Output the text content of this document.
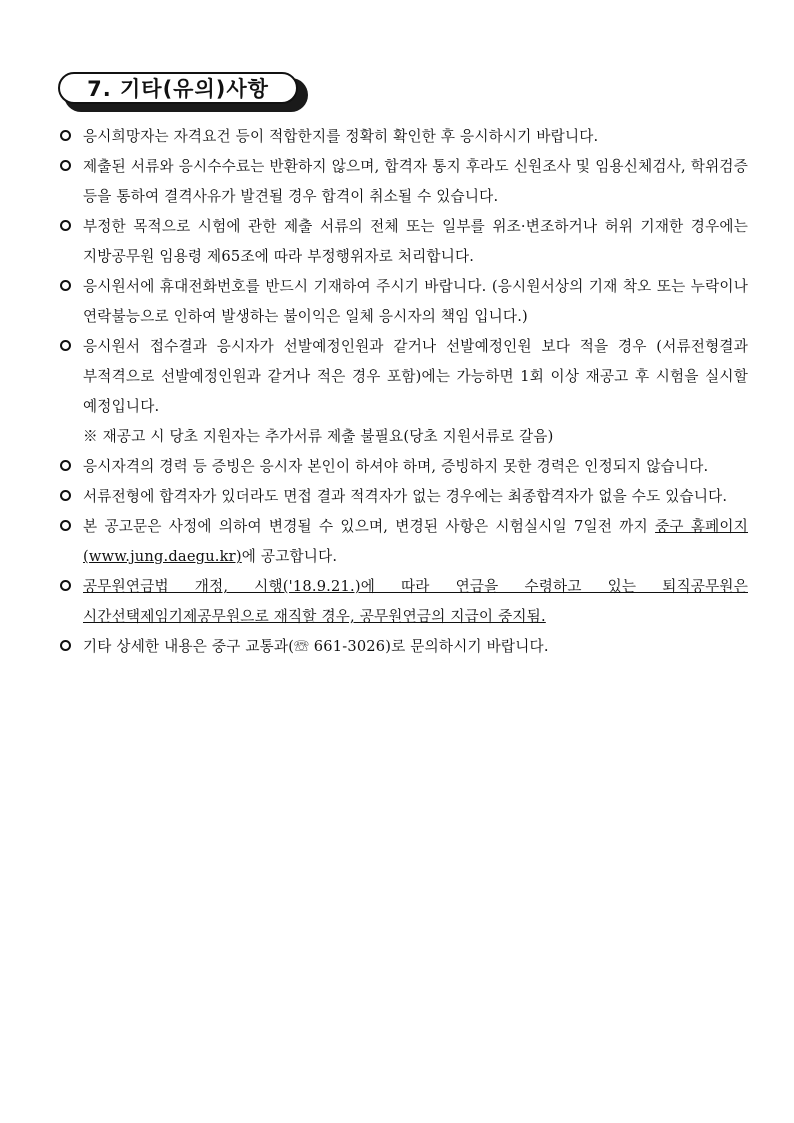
7. 기타(유의)사항
응시희망자는 자격요건 등이 적합한지를 정확히 확인한 후 응시하시기 바랍니다.
제출된 서류와 응시수수료는 반환하지 않으며, 합격자 통지 후라도 신원조사 및 임용신체검사, 학위검증 등을 통하여 결격사유가 발견될 경우 합격이 취소될 수 있습니다.
부정한 목적으로 시험에 관한 제출 서류의 전체 또는 일부를 위조·변조하거나 허위 기재한 경우에는 지방공무원 임용령 제65조에 따라 부정행위자로 처리합니다.
응시원서에 휴대전화번호를 반드시 기재하여 주시기 바랍니다. (응시원서상의 기재 착오 또는 누락이나 연락불능으로 인하여 발생하는 불이익은 일체 응시자의 책임 입니다.)
응시원서 접수결과 응시자가 선발예정인원과 같거나 선발예정인원 보다 적을 경우 (서류전형결과 부적격으로 선발예정인원과 같거나 적은 경우 포함)에는 가능하면 1회 이상 재공고 후 시험을 실시할 예정입니다.
※ 재공고 시 당초 지원자는 추가서류 제출 불필요(당초 지원서류로 갈음)
응시자격의 경력 등 증빙은 응시자 본인이 하셔야 하며, 증빙하지 못한 경력은 인정되지 않습니다.
서류전형에 합격자가 있더라도 면접 결과 적격자가 없는 경우에는 최종합격자가 없을 수도 있습니다.
본 공고문은 사정에 의하여 변경될 수 있으며, 변경된 사항은 시험실시일 7일전 까지 중구 홈페이지(www.jung.daegu.kr)에 공고합니다.
공무원연금법 개정, 시행('18.9.21.)에 따라 연금을 수령하고 있는 퇴직공무원은 시간선택제임기제공무원으로 재직할 경우, 공무원연금의 지급이 중지됨.
기타 상세한 내용은 중구 교통과(☏ 661-3026)로 문의하시기 바랍니다.
